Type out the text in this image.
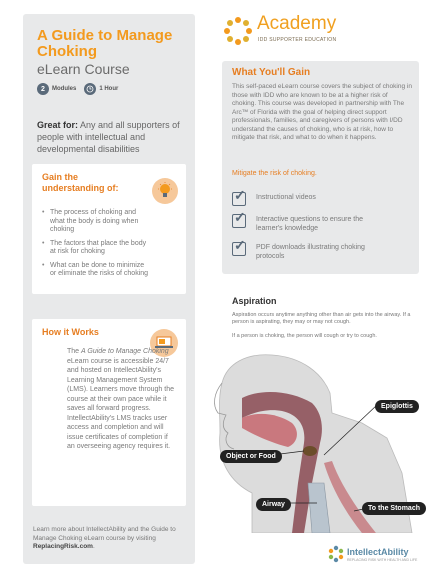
A Guide to Manage Choking
eLearn Course
2	Modules	1 Hour
Great for: Any and all supporters of people with intellectual and developmental disabilities
Gain the understanding of:
• The process of choking and what the body is doing when choking
• The factors that place the body at risk for choking
• What can be done to minimize or eliminate the risks of choking
How it Works

The A Guide to Manage Choking eLearn course is accessible 24/7 and hosted on IntellectAbility's Learning Management System (LMS). Learners move through the course at their own pace while it saves all forward progress. IntellectAbility's LMS tracks user access and completion and will issue certificates of completion if an overseeing agency requires it.

Learn more about IntellectAbility and the Guide to Manage Choking eLearn course by visiting ReplacingRisk.com.
Academy
IDD SUPPORTER EDUCATION
What You'll Gain
This self-paced eLearn course covers the subject of choking in those with IDD who are known to be at a higher risk of choking. This course was developed in partnership with The Arc™ of Florida with the goal of helping direct support professionals, families, and caregivers of persons with I/DD understand the causes of choking, who is at risk, how to mitigate that risk, and what to do when it happens.
Mitigate the risk of choking.
✓
Instructional videos
✓
Interactive questions to ensure the learner's knowledge
✓
PDF downloads illustrating choking protocols
Aspiration
Aspiration occurs anytime anything other than air gets into the airway. If a person is aspirating, they may or may not cough.
If a person is choking, the person will cough or try to cough.
Epiglottis
Object or Food
Airway
To the Stomach
IntellectAbility
REPLACING RISK WITH HEALTH AND LIFE
